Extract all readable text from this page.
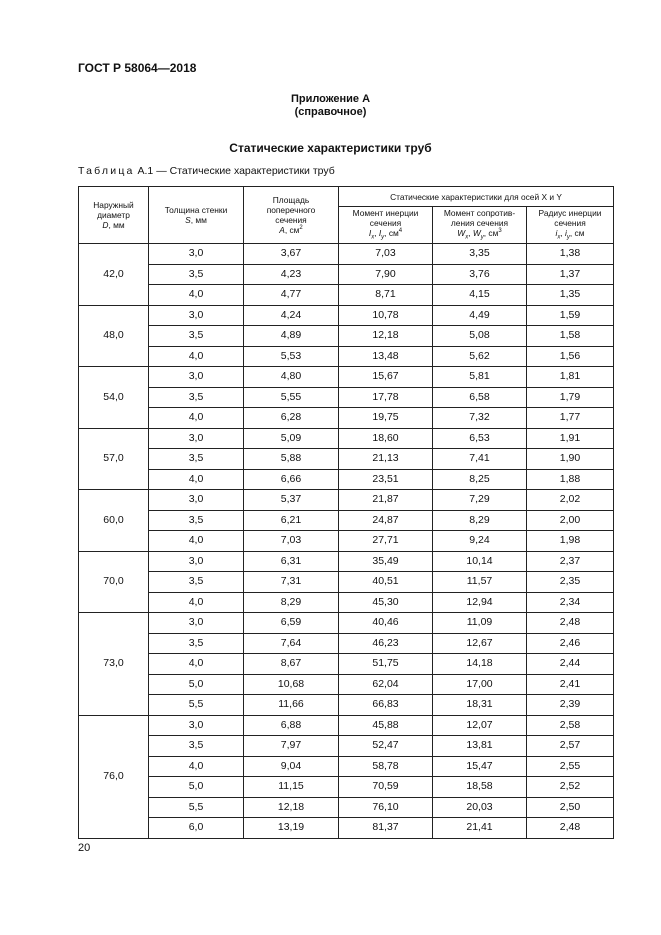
ГОСТ Р 58064—2018
Приложение А
(справочное)
Статические характеристики труб
Таблица А.1 — Статические характеристики труб
Наружный
диаметр
D, мм	Толщина стенки
S, мм	Площадь
поперечного
сечения
A, $см^2$	Статические характеристики для осей X и Y		
			Момент инерции
сечения
$I_x$, $I_y$, $см^4$	Момент сопротив-
ления сечения
$W_x$, $W_y$, $см^3$	Радиус инерции
сечения
$i_x$, $i_y$, см
42,0	3,0	3,67	7,03	3,35	1,38
	3,5	4,23	7,90	3,76	1,37
	4,0	4,77	8,71	4,15	1,35
48,0	3,0	4,24	10,78	4,49	1,59
	3,5	4,89	12,18	5,08	1,58
	4,0	5,53	13,48	5,62	1,56
54,0	3,0	4,80	15,67	5,81	1,81
	3,5	5,55	17,78	6,58	1,79
	4,0	6,28	19,75	7,32	1,77
57,0	3,0	5,09	18,60	6,53	1,91
	3,5	5,88	21,13	7,41	1,90
	4,0	6,66	23,51	8,25	1,88
60,0	3,0	5,37	21,87	7,29	2,02
	3,5	6,21	24,87	8,29	2,00
	4,0	7,03	27,71	9,24	1,98
70,0	3,0	6,31	35,49	10,14	2,37
	3,5	7,31	40,51	11,57	2,35
	4,0	8,29	45,30	12,94	2,34
73,0	3,0	6,59	40,46	11,09	2,48
	3,5	7,64	46,23	12,67	2,46
	4,0	8,67	51,75	14,18	2,44
	5,0	10,68	62,04	17,00	2,41
	5,5	11,66	66,83	18,31	2,39
76,0	3,0	6,88	45,88	12,07	2,58
	3,5	7,97	52,47	13,81	2,57
	4,0	9,04	58,78	15,47	2,55
	5,0	11,15	70,59	18,58	2,52
	5,5	12,18	76,10	20,03	2,50
	6,0	13,19	81,37	21,41	2,48
20
